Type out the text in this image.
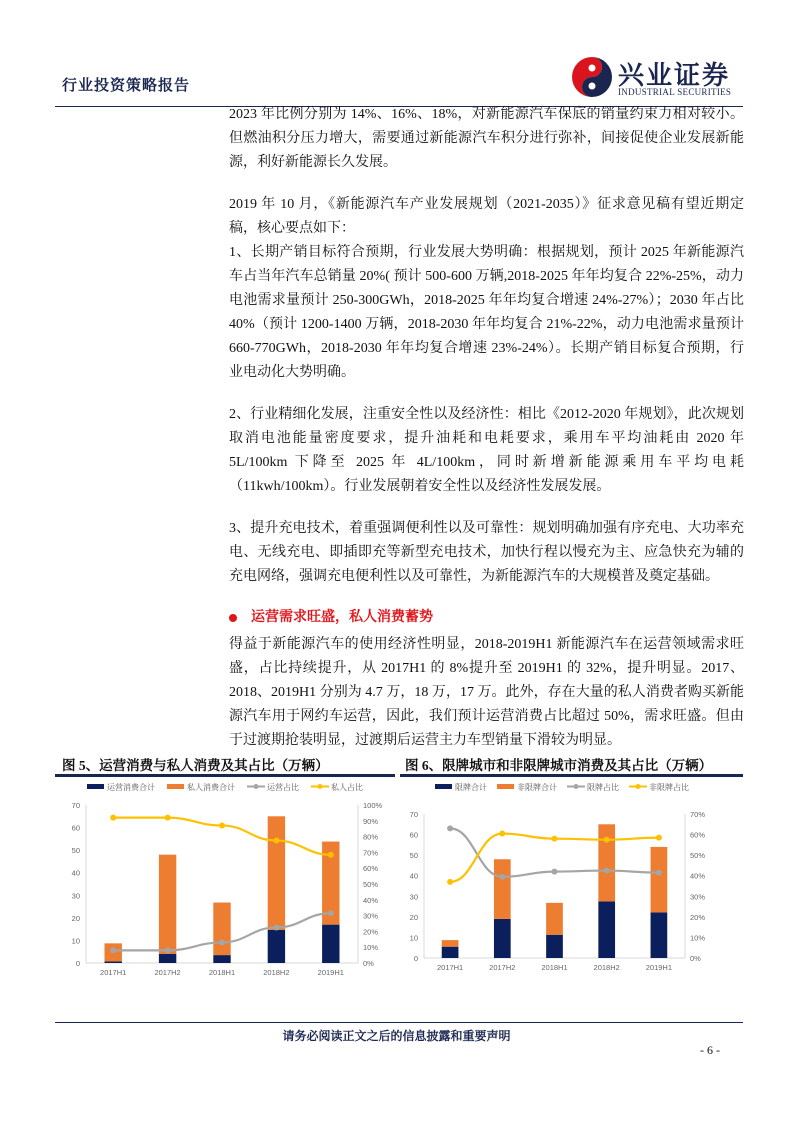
行业投资策略报告	兴业证券
INDUSTRIAL SECURITIES
2023 年比例分别为 14%、16%、18%，对新能源汽车保底的销量约束力相对较小。但燃油积分压力增大，需要通过新能源汽车积分进行弥补，间接促使企业发展新能源，利好新能源长久发展。
2019 年 10 月，《新能源汽车产业发展规划（2021-2035）》征求意见稿有望近期定稿，核心要点如下：
1、长期产销目标符合预期，行业发展大势明确：根据规划，预计 2025 年新能源汽车占当年汽车总销量 20%( 预计 500-600 万辆,2018-2025 年年均复合 22%-25%，动力电池需求量预计 250-300GWh，2018-2025 年年均复合增速 24%-27%）；2030 年占比 40%（预计 1200-1400 万辆，2018-2030 年年均复合 21%-22%，动力电池需求量预计 660-770GWh，2018-2030 年年均复合增速 23%-24%）。长期产销目标复合预期，行业电动化大势明确。
2、行业精细化发展，注重安全性以及经济性：相比《2012-2020 年规划》，此次规划取消电池能量密度要求，提升油耗和电耗要求，乘用车平均油耗由 2020 年 5L/100km 下降至 2025 年 4L/100km，同时新增新能源乘用车平均电耗（11kwh/100km）。行业发展朝着安全性以及经济性发展发展。
3、提升充电技术，着重强调便利性以及可靠性：规划明确加强有序充电、大功率充电、无线充电、即插即充等新型充电技术，加快行程以慢充为主、应急快充为辅的充电网络，强调充电便利性以及可靠性，为新能源汽车的大规模普及奠定基础。
运营需求旺盛，私人消费蓄势
得益于新能源汽车的使用经济性明显，2018-2019H1 新能源汽车在运营领域需求旺盛，占比持续提升，从 2017H1 的 8%提升至 2019H1 的 32%，提升明显。2017、2018、2019H1 分别为 4.7 万，18 万，17 万。此外，存在大量的私人消费者购买新能源汽车用于网约车运营，因此，我们预计运营消费占比超过 50%，需求旺盛。但由于过渡期抢装明显，过渡期后运营主力车型销量下滑较为明显。
图 5、运营消费与私人消费及其占比（万辆）
运营消费合计	私人消费合计	运营占比	私人占比
0
10
20
30
40
50
60
70
0%
10%
20%
30%
40%
50%
60%
70%
80%
90%
100%
2017H1	2017H2	2018H1	2018H2	2019H1
图 6、限牌城市和非限牌城市消费及其占比（万辆）
限牌合计	非限牌合计	限牌占比	非限牌占比
0
10
20
30
40
50
60
70
0%
10%
20%
30%
40%
50%
60%
70%
2017H1	2017H2	2018H1	2018H2	2019H1
请务必阅读正文之后的信息披露和重要声明
- 6 -
